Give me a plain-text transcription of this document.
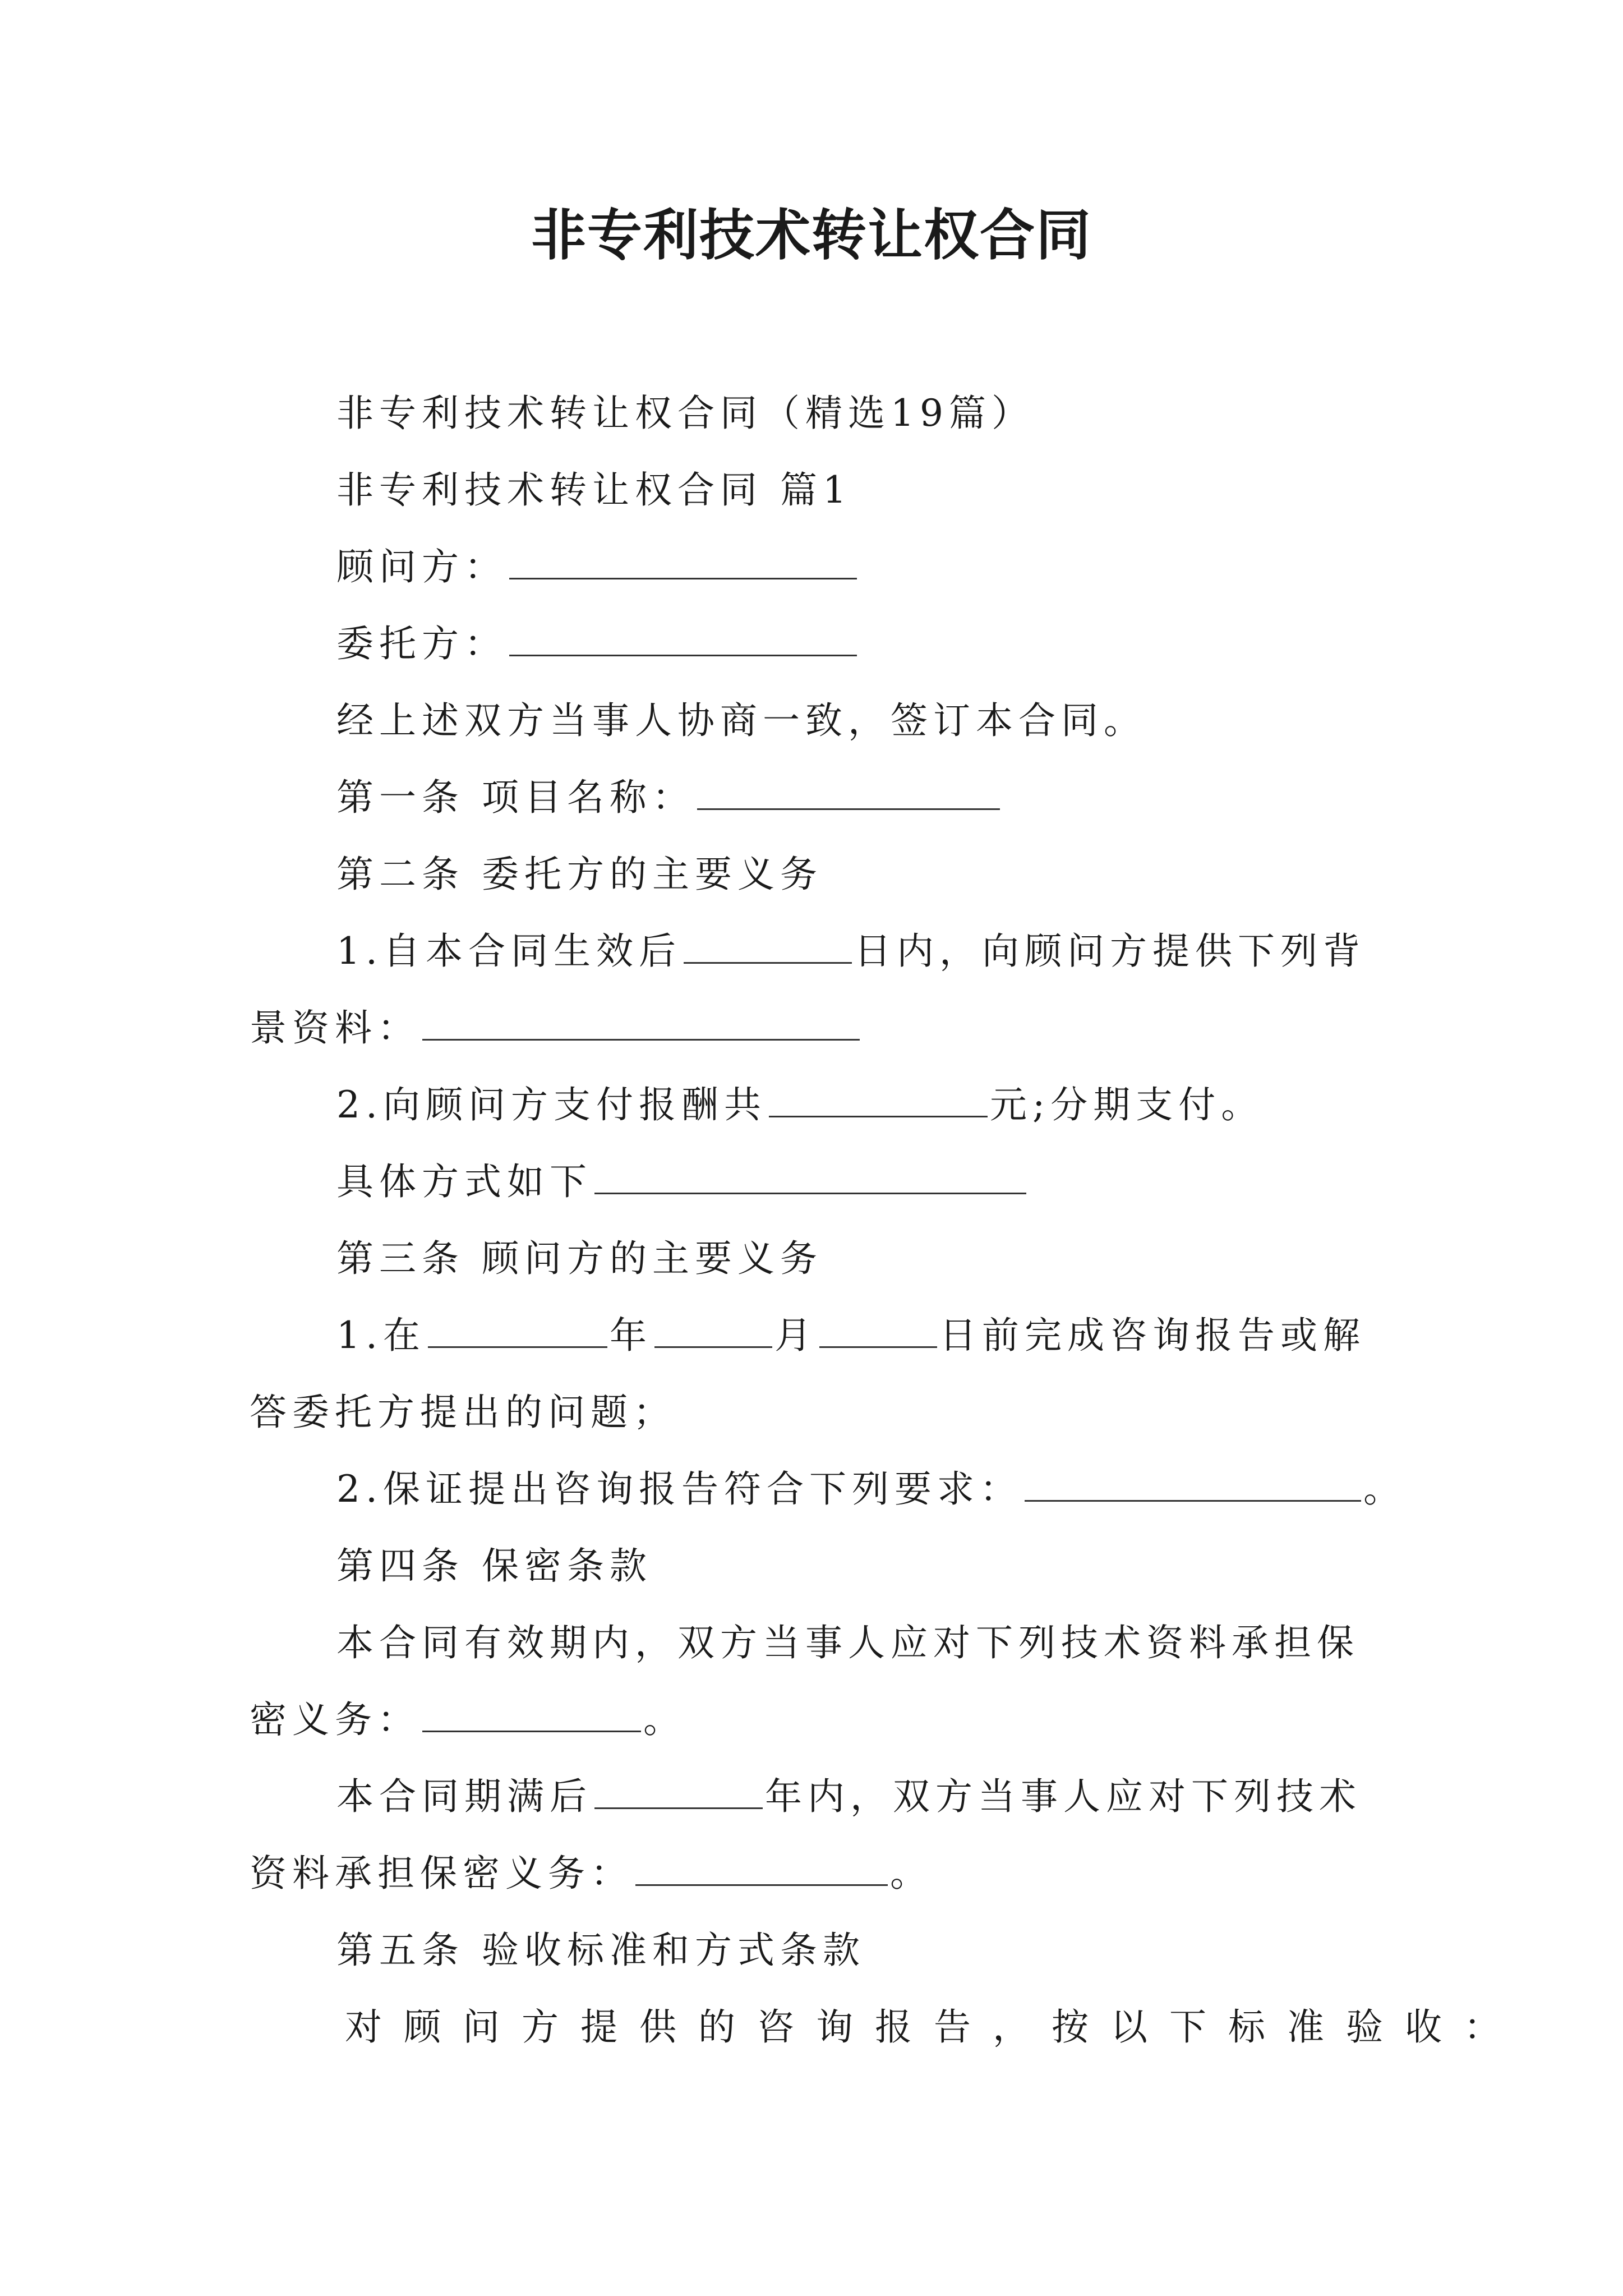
非专利技术转让权合同

非专利技术转让权合同（精选19篇）

非专利技术转让权合同 篇1

顾问方：

委托方：

经上述双方当事人协商一致，签订本合同。

第一条 项目名称：

第二条 委托方的主要义务

1.自本合同生效后	日内，向顾问方提供下列背景资料：

2.向顾问方支付报酬共	元;分期支付。

具体方式如下

第三条 顾问方的主要义务

1.在	年	月	日前完成咨询报告或解答委托方提出的问题；

2.保证提出咨询报告符合下列要求：	。

第四条 保密条款

本合同有效期内，双方当事人应对下列技术资料承担保密义务：	。

本合同期满后	年内，双方当事人应对下列技术资料承担保密义务：	。

第五条 验收标准和方式条款

对顾问方提供的咨询报告，按以下标准验收：
